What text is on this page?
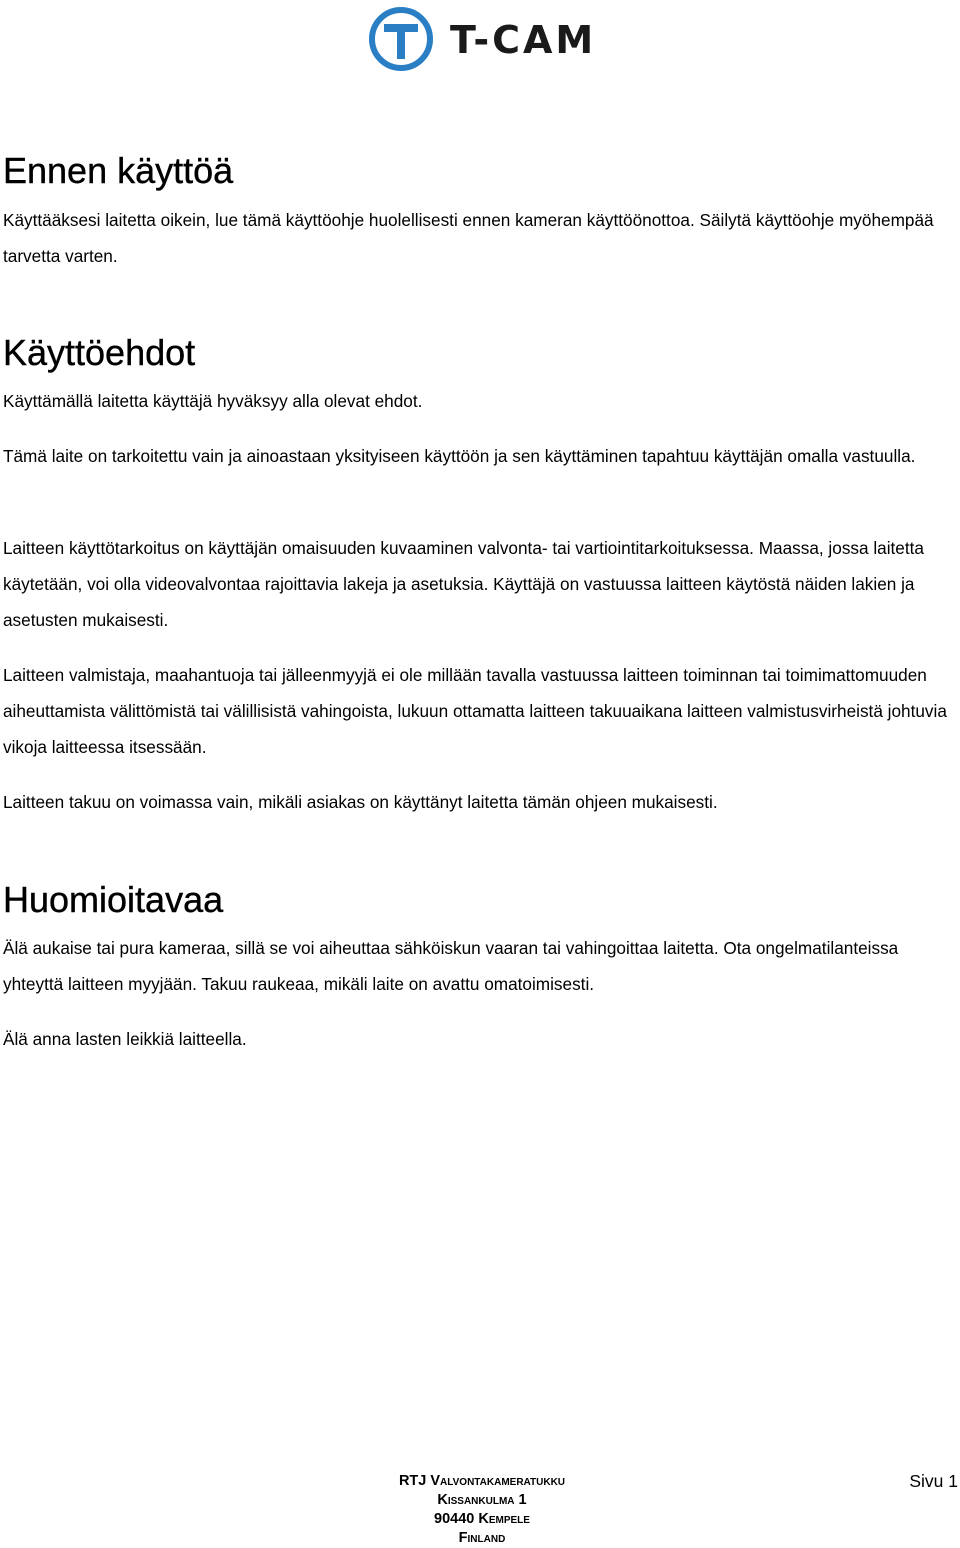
T-CAM
Ennen käyttöä

Käyttääksesi laitetta oikein, lue tämä käyttöohje huolellisesti ennen kameran käyttöönottoa. Säilytä käyttöohje myöhempää tarvetta varten.

Käyttöehdot

Käyttämällä laitetta käyttäjä hyväksyy alla olevat ehdot.

Tämä laite on tarkoitettu vain ja ainoastaan yksityiseen käyttöön ja sen käyttäminen tapahtuu käyttäjän omalla vastuulla.

Laitteen käyttötarkoitus on käyttäjän omaisuuden kuvaaminen valvonta- tai vartiointitarkoituksessa. Maassa, jossa laitetta käytetään, voi olla videovalvontaa rajoittavia lakeja ja asetuksia. Käyttäjä on vastuussa laitteen käytöstä näiden lakien ja asetusten mukaisesti.

Laitteen valmistaja, maahantuoja tai jälleenmyyjä ei ole millään tavalla vastuussa laitteen toiminnan tai toimimattomuuden aiheuttamista välittömistä tai välillisistä vahingoista, lukuun ottamatta laitteen takuuaikana laitteen valmistusvirheistä johtuvia vikoja laitteessa itsessään.

Laitteen takuu on voimassa vain, mikäli asiakas on käyttänyt laitetta tämän ohjeen mukaisesti.

Huomioitavaa

Älä aukaise tai pura kameraa, sillä se voi aiheuttaa sähköiskun vaaran tai vahingoittaa laitetta. Ota ongelmatilanteissa yhteyttä laitteen myyjään. Takuu raukeaa, mikäli laite on avattu omatoimisesti.

Älä anna lasten leikkiä laitteella.

RTJ Valvontakameratukku
Kissankulma 1
90440 Kempele
Finland
Sivu 1
